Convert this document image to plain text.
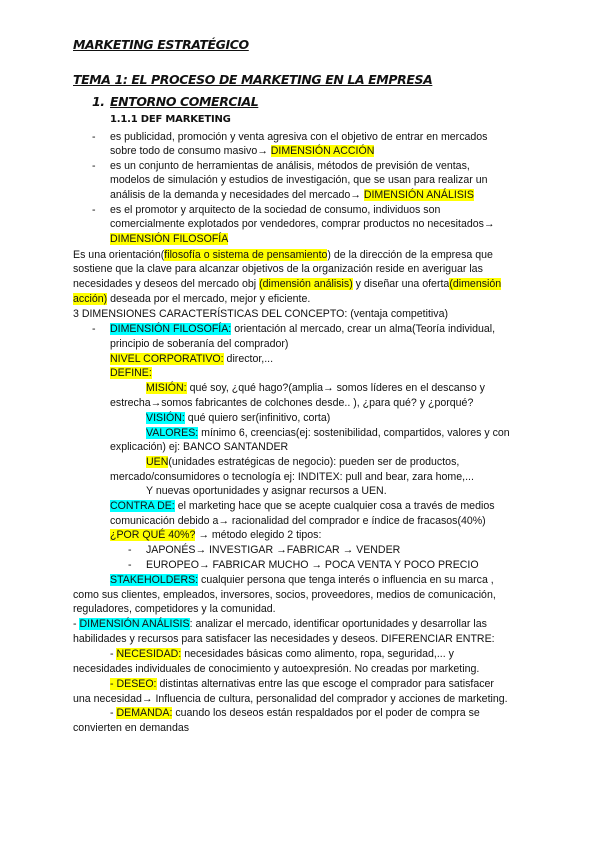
MARKETING ESTRATÉGICO
TEMA 1: EL PROCESO DE MARKETING EN LA EMPRESA
1. ENTORNO COMERCIAL
1.1.1 DEF MARKETING
- es publicidad, promoción y venta agresiva con el objetivo de entrar en mercados
sobre todo de consumo masivo→ DIMENSIÓN ACCIÓN
- es un conjunto de herramientas de análisis, métodos de previsión de ventas,
modelos de simulación y estudios de investigación, que se usan para realizar un
análisis de la demanda y necesidades del mercado→ DIMENSIÓN ANÁLISIS
- es el promotor y arquitecto de la sociedad de consumo, individuos son
comercialmente explotados por vendedores, comprar productos no necesitados→
DIMENSIÓN FILOSOFÍA
Es una orientación(filosofía o sistema de pensamiento) de la dirección de la empresa que
sostiene que la clave para alcanzar objetivos de la organización reside en averiguar las
necesidades y deseos del mercado obj (dimensión análisis) y diseñar una oferta(dimensión
acción) deseada por el mercado, mejor y eficiente.
3 DIMENSIONES CARACTERÍSTICAS DEL CONCEPTO: (ventaja competitiva)
- DIMENSIÓN FILOSOFÍA: orientación al mercado, crear un alma(Teoría individual,
principio de soberanía del comprador)
NIVEL CORPORATIVO: director,...
DEFINE:
MISIÓN: qué soy, ¿qué hago?(amplia→ somos líderes en el descanso y
estrecha→somos fabricantes de colchones desde.. ), ¿para qué? y ¿porqué?
VISIÓN: qué quiero ser(infinitivo, corta)
VALORES: mínimo 6, creencias(ej: sostenibilidad, compartidos, valores y con
explicación) ej: BANCO SANTANDER
UEN(unidades estratégicas de negocio): pueden ser de productos,
mercado/consumidores o tecnología ej: INDITEX: pull and bear, zara home,...
Y nuevas oportunidades y asignar recursos a UEN.
CONTRA DE: el marketing hace que se acepte cualquier cosa a través de medios
comunicación debido a→ racionalidad del comprador e índice de fracasos(40%)
¿POR QUÉ 40%? → método elegido 2 tipos:
- JAPONÉS→ INVESTIGAR →FABRICAR → VENDER
- EUROPEO→ FABRICAR MUCHO → POCA VENTA Y POCO PRECIO
STAKEHOLDERS: cualquier persona que tenga interés o influencia en su marca ,
como sus clientes, empleados, inversores, socios, proveedores, medios de comunicación,
reguladores, competidores y la comunidad.
- DIMENSIÓN ANÁLISIS: analizar el mercado, identificar oportunidades y desarrollar las
habilidades y recursos para satisfacer las necesidades y deseos. DIFERENCIAR ENTRE:
- NECESIDAD: necesidades básicas como alimento, ropa, seguridad,... y
necesidades individuales de conocimiento y autoexpresión. No creadas por marketing.
- DESEO: distintas alternativas entre las que escoge el comprador para satisfacer
una necesidad→ Influencia de cultura, personalidad del comprador y acciones de marketing.
- DEMANDA: cuando los deseos están respaldados por el poder de compra se
convierten en demandas
